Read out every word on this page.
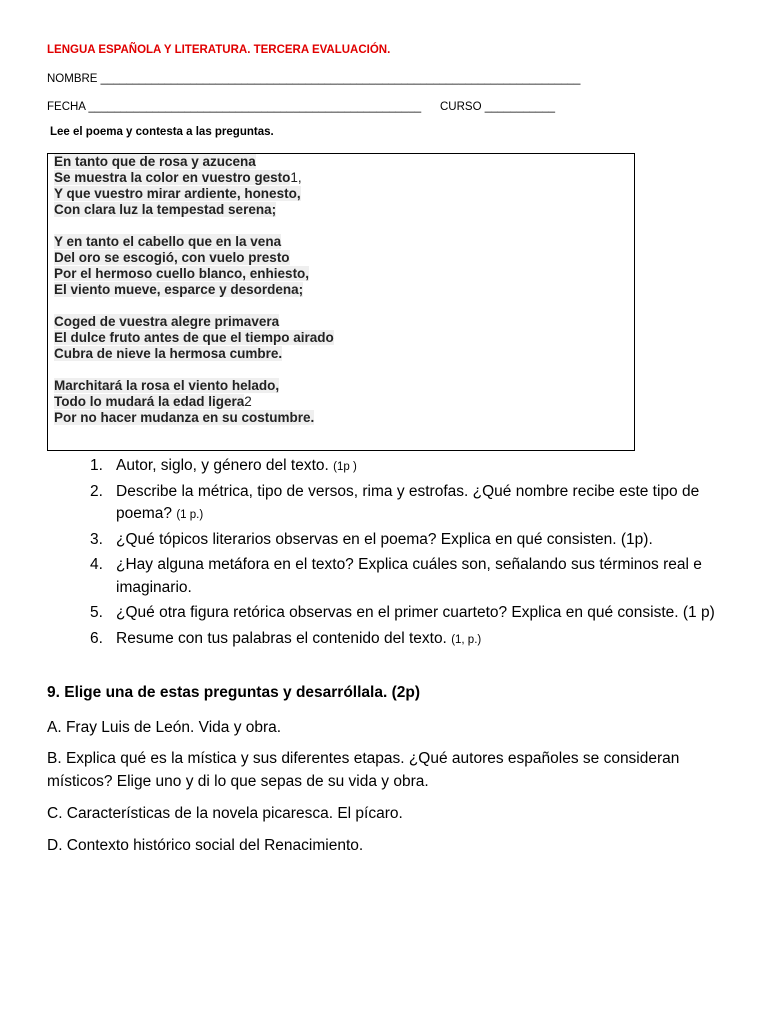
LENGUA ESPAÑOLA Y LITERATURA. TERCERA EVALUACIÓN.
NOMBRE ___________________________________________________________________________
FECHA ____________________________________________________ CURSO ___________
Lee el poema y contesta a las preguntas.
En tanto que de rosa y azucena
Se muestra la color en vuestro gesto1,
Y que vuestro mirar ardiente, honesto,
Con clara luz la tempestad serena;
Y en tanto el cabello que en la vena
Del oro se escogió, con vuelo presto
Por el hermoso cuello blanco, enhiesto,
El viento mueve, esparce y desordena;
Coged de vuestra alegre primavera
El dulce fruto antes de que el tiempo airado
Cubra de nieve la hermosa cumbre.
Marchitará la rosa el viento helado,
Todo lo mudará la edad ligera2
Por no hacer mudanza en su costumbre.
1. Autor, siglo, y género del texto. (1p )
2. Describe la métrica, tipo de versos, rima y estrofas. ¿Qué nombre recibe este tipo de poema? (1 p.)
3. ¿Qué tópicos literarios observas en el poema? Explica en qué consisten. (1p).
4. ¿Hay alguna metáfora en el texto? Explica cuáles son, señalando sus términos real e imaginario.
5. ¿Qué otra figura retórica observas en el primer cuarteto? Explica en qué consiste. (1 p)
6. Resume con tus palabras el contenido del texto. (1, p.)
9. Elige una de estas preguntas y desarróllala. (2p)
A. Fray Luis de León. Vida y obra.
B. Explica qué es la mística y sus diferentes etapas. ¿Qué autores españoles se consideran místicos? Elige uno y di lo que sepas de su vida y obra.
C. Características de la novela picaresca. El pícaro.
D. Contexto histórico social del Renacimiento.
